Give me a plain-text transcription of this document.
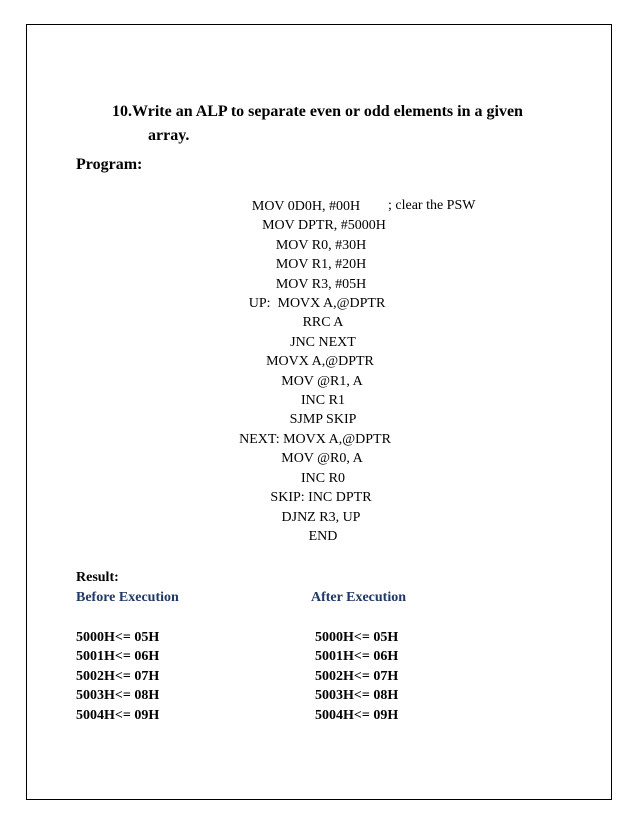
10.Write an ALP to separate even or odd elements in a given
array.
Program:
MOV 0D0H, #00H
MOV DPTR, #5000H
MOV R0, #30H
MOV R1, #20H
MOV R3, #05H
UP:  MOVX A,@DPTR
RRC A
JNC NEXT
MOVX A,@DPTR
MOV @R1, A
INC R1
SJMP SKIP
NEXT: MOVX A,@DPTR
MOV @R0, A
INC R0
SKIP: INC DPTR
DJNZ R3, UP
END
; clear the PSW
Result:
Before Execution	After Execution
5000H<= 05H
5001H<= 06H
5002H<= 07H
5003H<= 08H
5004H<= 09H
5000H<= 05H
5001H<= 06H
5002H<= 07H
5003H<= 08H
5004H<= 09H
